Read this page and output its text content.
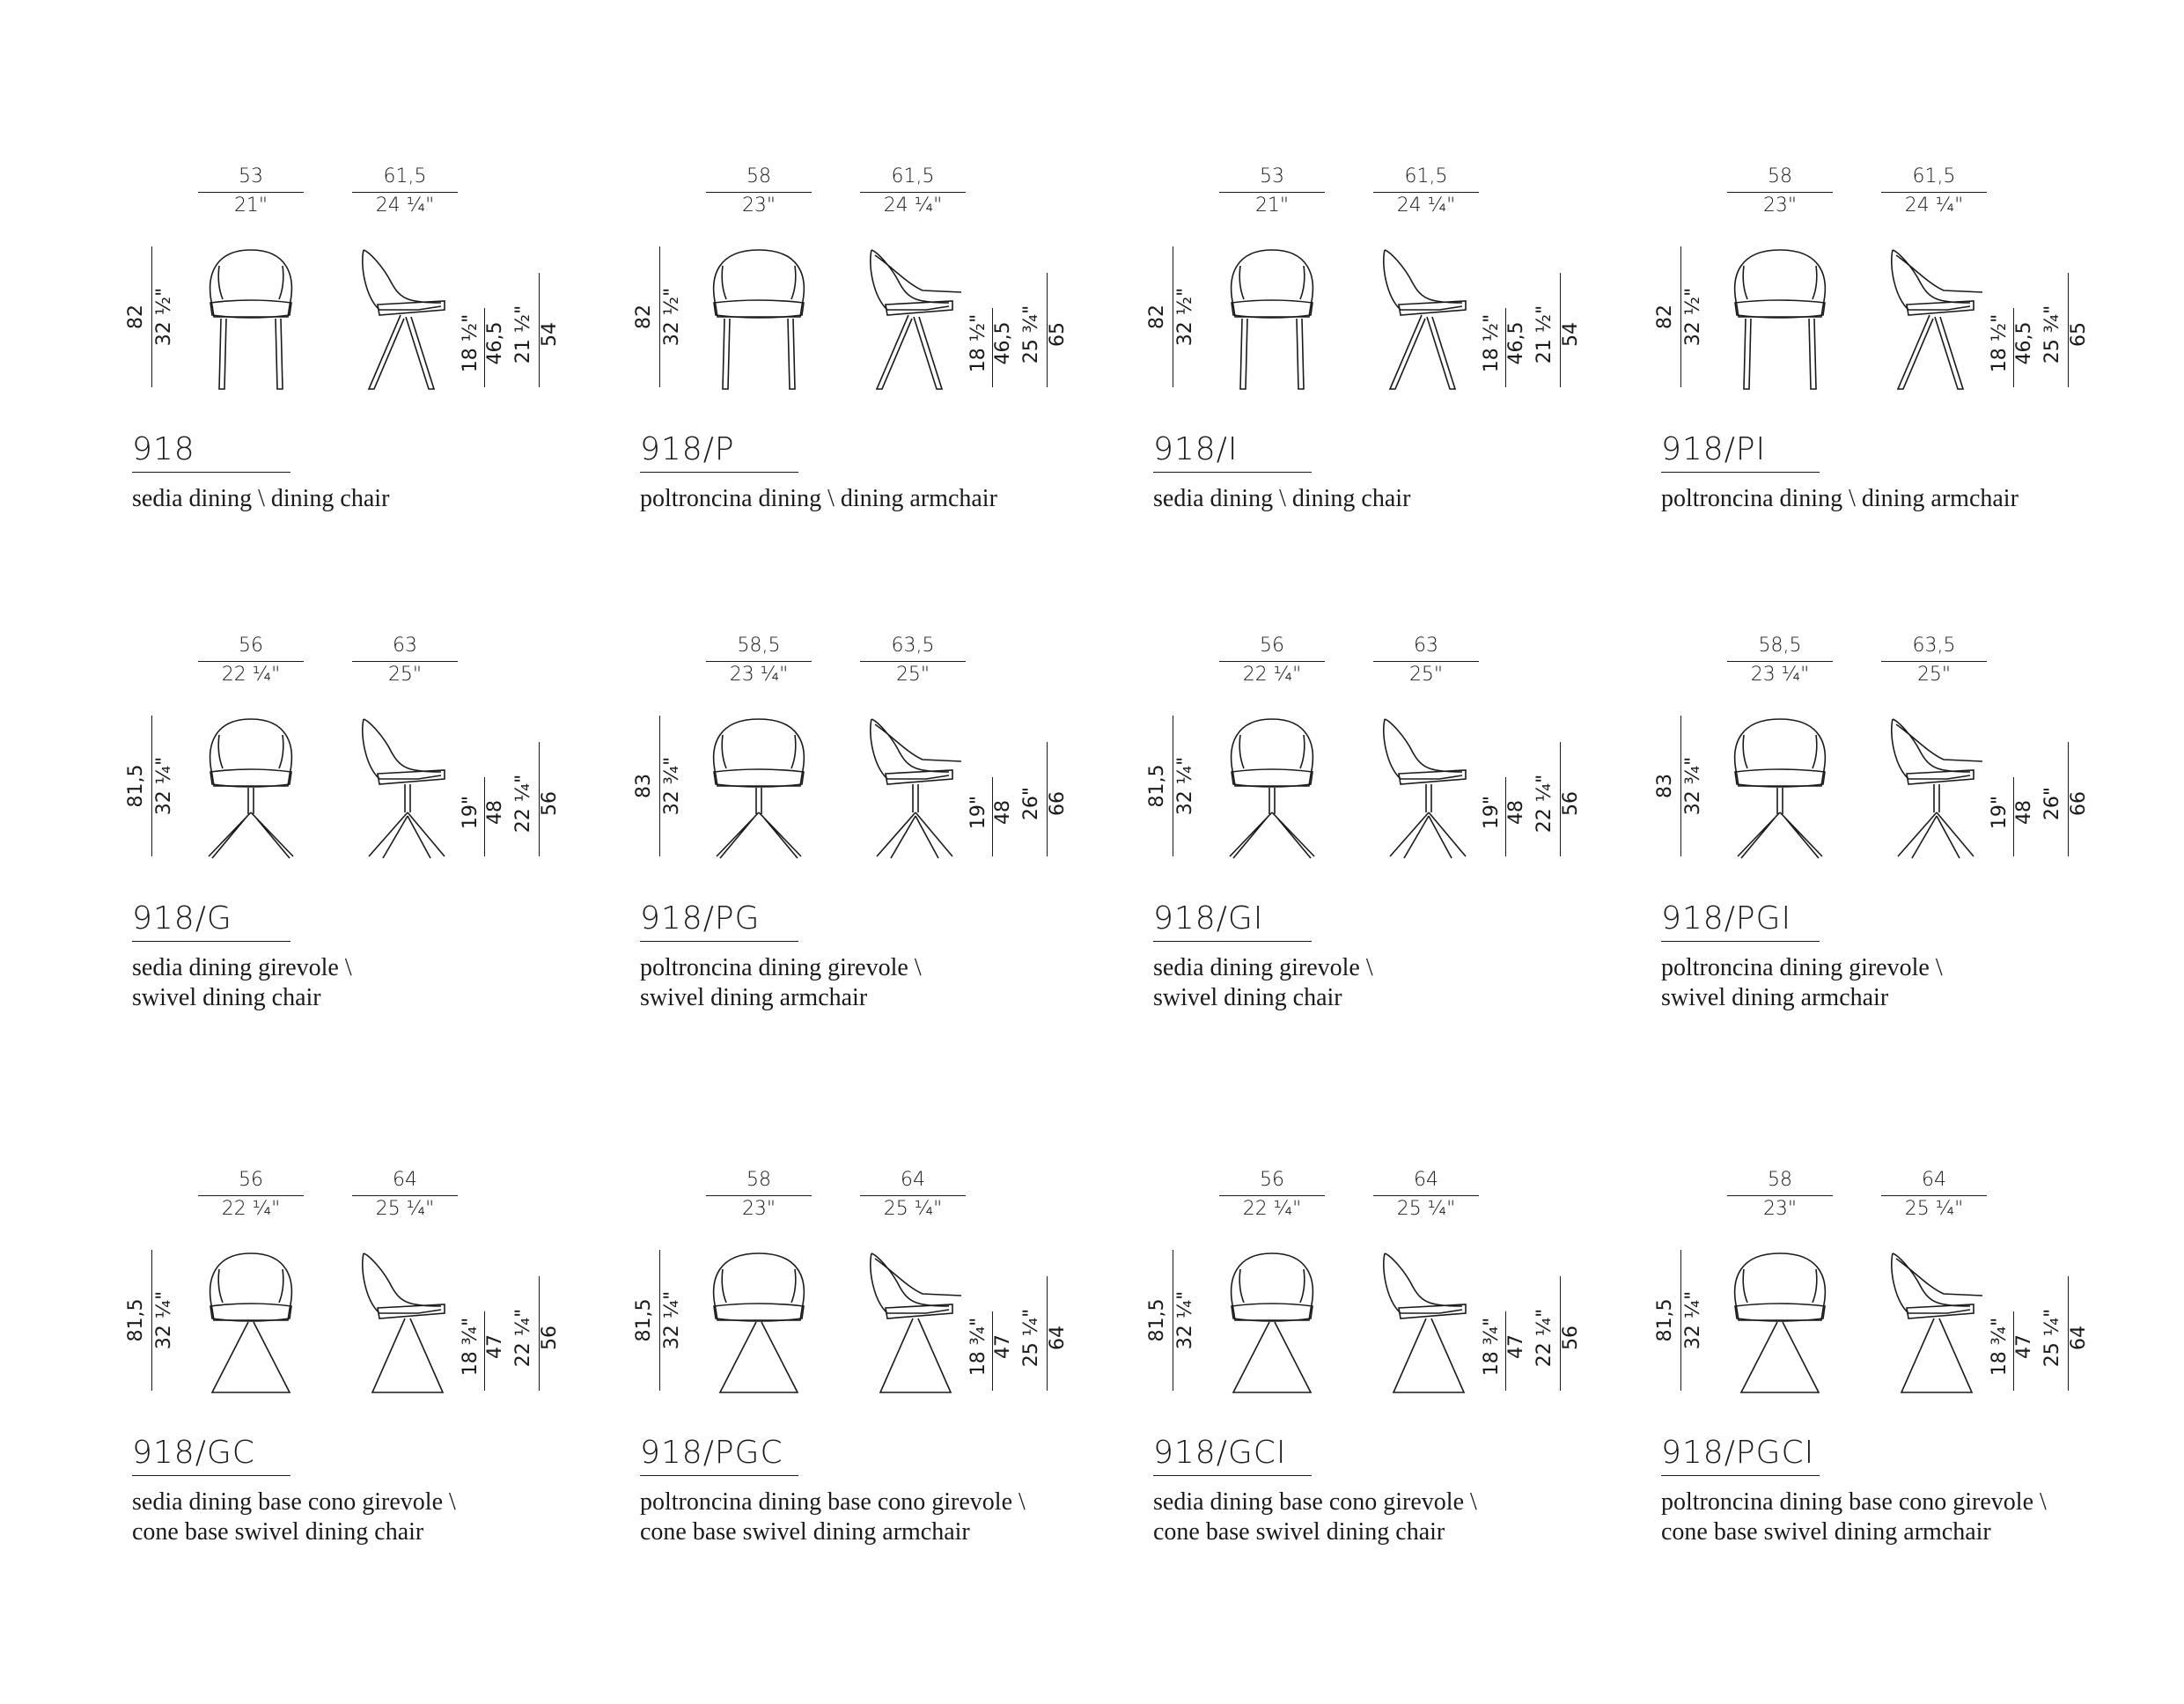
53
21"
61,5
24 ¼"
82 32 ½"	18 ½" 46,5 21 ½" 54
918
sedia dining \ dining chair
58
23"
61,5
24 ¼"
82 32 ½"	18 ½" 46,5 25 ¾" 65
918/P
poltroncina dining \ dining armchair
53
21"
61,5
24 ¼"
82 32 ½"	18 ½" 46,5 21 ½" 54
918/I
sedia dining \ dining chair
58
23"
61,5
24 ¼"
82 32 ½"	18 ½" 46,5 25 ¾" 65
918/PI
poltroncina dining \ dining armchair
56
22 ¼"
63
25"
81,5 32 ¼"	19" 48 22 ¼" 56
918/G
sedia dining girevole \
swivel dining chair
58,5
23 ¼"
63,5
25"
83 32 ¾"	19" 48 26" 66
918/PG
poltroncina dining girevole \
swivel dining armchair
56
22 ¼"
63
25"
81,5 32 ¼"	19" 48 22 ¼" 56
918/GI
sedia dining girevole \
swivel dining chair
58,5
23 ¼"
63,5
25"
83 32 ¾"	19" 48 26" 66
918/PGI
poltroncina dining girevole \
swivel dining armchair
56
22 ¼"
64
25 ¼"
81,5 32 ¼"	18 ¾" 47 22 ¼" 56
918/GC
sedia dining base cono girevole \
cone base swivel dining chair
58
23"
64
25 ¼"
81,5 32 ¼"	18 ¾" 47 25 ¼" 64
918/PGC
poltroncina dining base cono girevole \
cone base swivel dining armchair
56
22 ¼"
64
25 ¼"
81,5 32 ¼"	18 ¾" 47 22 ¼" 56
918/GCI
sedia dining base cono girevole \
cone base swivel dining chair
58
23"
64
25 ¼"
81,5 32 ¼"	18 ¾" 47 25 ¼" 64
918/PGCI
poltroncina dining base cono girevole \
cone base swivel dining armchair
